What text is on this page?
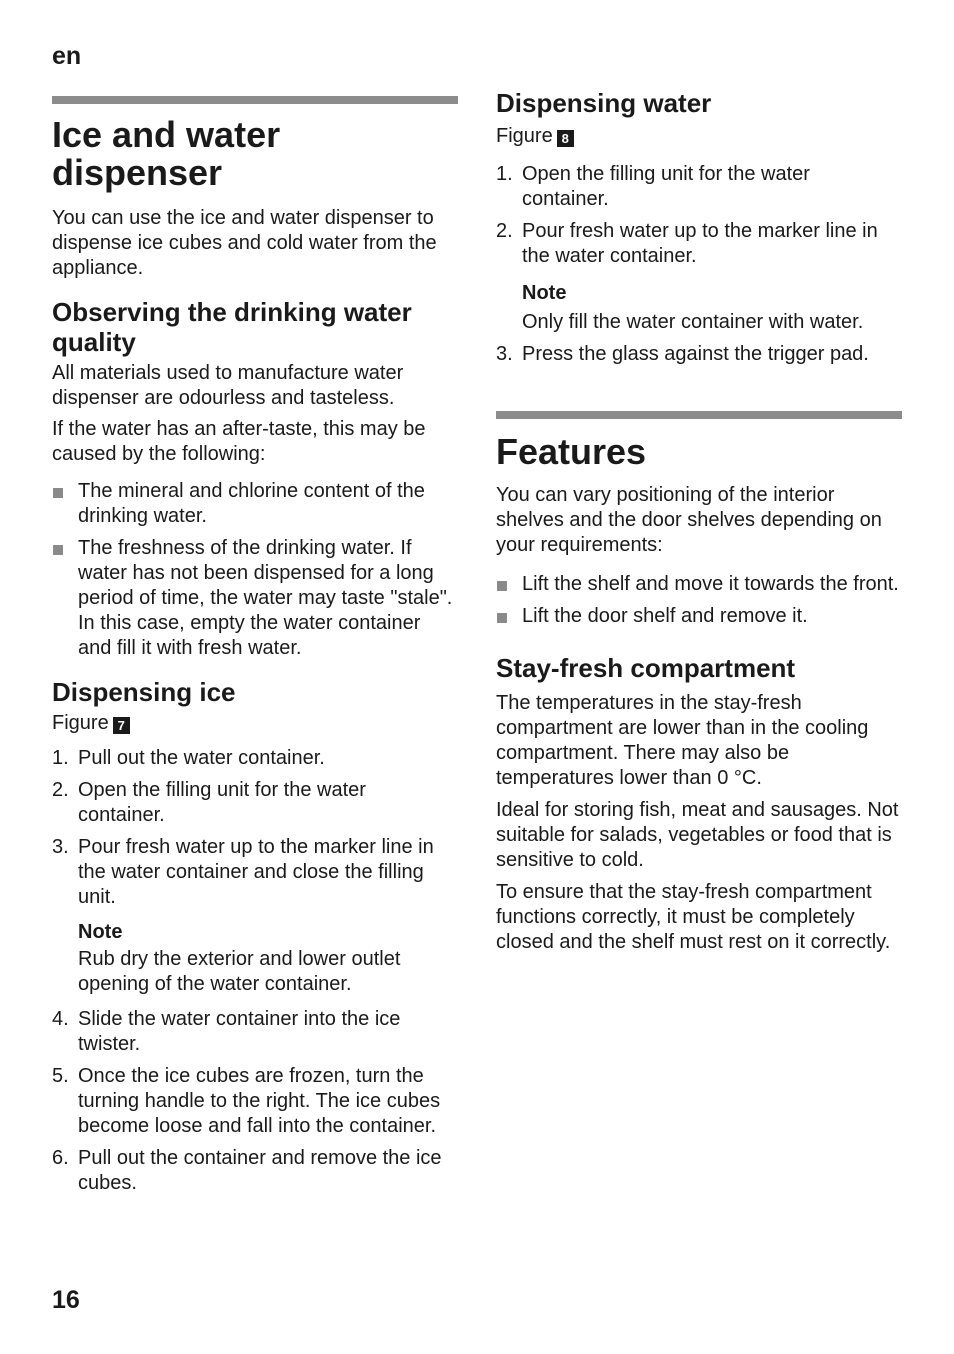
en
Ice and water dispenser

You can use the ice and water dispenser to dispense ice cubes and cold water from the appliance.

Observing the drinking water quality

All materials used to manufacture water dispenser are odourless and tasteless.

If the water has an after-taste, this may be caused by the following:

The mineral and chlorine content of the drinking water.
The freshness of the drinking water. If water has not been dispensed for a long period of time, the water may taste "stale". In this case, empty the water container and fill it with fresh water.
Dispensing ice
Figure 7
1. Pull out the water container.
2. Open the filling unit for the water container.
3. Pour fresh water up to the marker line in the water container and close the filling unit.
Note
Rub dry the exterior and lower outlet opening of the water container.
4. Slide the water container into the ice twister.
5. Once the ice cubes are frozen, turn the turning handle to the right. The ice cubes become loose and fall into the container.
6. Pull out the container and remove the ice cubes.
Dispensing water
Figure 8
1. Open the filling unit for the water container.
2. Pour fresh water up to the marker line in the water container.
Note
Only fill the water container with water.
3. Press the glass against the trigger pad.
Features

You can vary positioning of the interior shelves and the door shelves depending on your requirements:

Lift the shelf and move it towards the front.
Lift the door shelf and remove it.
Stay-fresh compartment

The temperatures in the stay-fresh compartment are lower than in the cooling compartment. There may also be temperatures lower than 0 °C.

Ideal for storing fish, meat and sausages. Not suitable for salads, vegetables or food that is sensitive to cold.

To ensure that the stay-fresh compartment functions correctly, it must be completely closed and the shelf must rest on it correctly.

16
